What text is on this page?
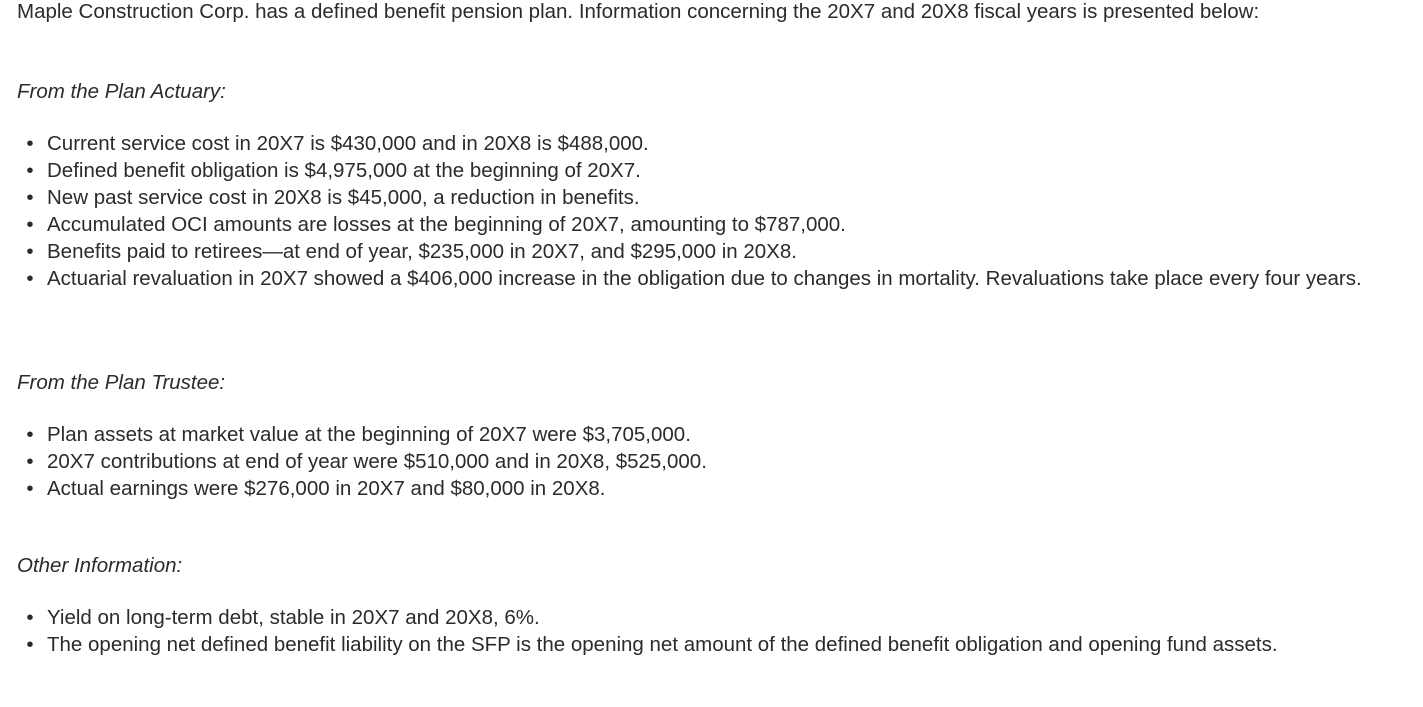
Maple Construction Corp. has a defined benefit pension plan. Information concerning the 20X7 and 20X8 fiscal years is presented below:

From the Plan Actuary:

• Current service cost in 20X7 is $430,000 and in 20X8 is $488,000.
• Defined benefit obligation is $4,975,000 at the beginning of 20X7.
• New past service cost in 20X8 is $45,000, a reduction in benefits.
• Accumulated OCI amounts are losses at the beginning of 20X7, amounting to $787,000.
• Benefits paid to retirees—at end of year, $235,000 in 20X7, and $295,000 in 20X8.
• Actuarial revaluation in 20X7 showed a $406,000 increase in the obligation due to changes in mortality. Revaluations take place every four years.

From the Plan Trustee:

• Plan assets at market value at the beginning of 20X7 were $3,705,000.
• 20X7 contributions at end of year were $510,000 and in 20X8, $525,000.
• Actual earnings were $276,000 in 20X7 and $80,000 in 20X8.

Other Information:

• Yield on long-term debt, stable in 20X7 and 20X8, 6%.
• The opening net defined benefit liability on the SFP is the opening net amount of the defined benefit obligation and opening fund assets.
